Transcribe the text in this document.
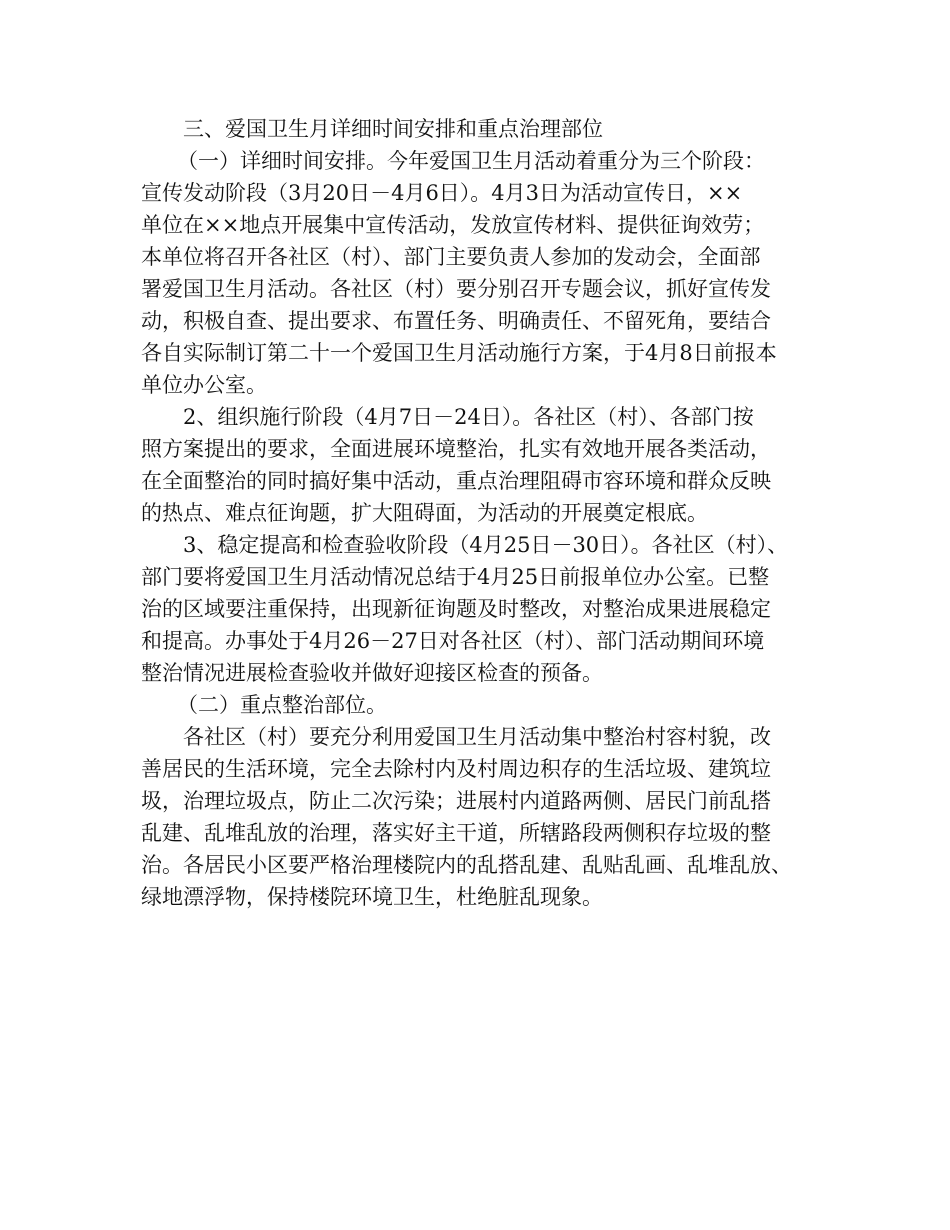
三、爱国卫生月详细时间安排和重点治理部位
（一）详细时间安排。今年爱国卫生月活动着重分为三个阶段：
宣传发动阶段（3月20日－4月6日）。4月3日为活动宣传日，××
单位在××地点开展集中宣传活动，发放宣传材料、提供征询效劳；
本单位将召开各社区（村）、部门主要负责人参加的发动会，全面部
署爱国卫生月活动。各社区（村）要分别召开专题会议，抓好宣传发
动，积极自查、提出要求、布置任务、明确责任、不留死角，要结合
各自实际制订第二十一个爱国卫生月活动施行方案，于4月8日前报本
单位办公室。
2、组织施行阶段（4月7日－24日）。各社区（村）、各部门按
照方案提出的要求，全面进展环境整治，扎实有效地开展各类活动，
在全面整治的同时搞好集中活动，重点治理阻碍市容环境和群众反映
的热点、难点征询题，扩大阻碍面，为活动的开展奠定根底。
3、稳定提高和检查验收阶段（4月25日－30日）。各社区（村）、
部门要将爱国卫生月活动情况总结于4月25日前报单位办公室。已整
治的区域要注重保持，出现新征询题及时整改，对整治成果进展稳定
和提高。办事处于4月26－27日对各社区（村）、部门活动期间环境
整治情况进展检查验收并做好迎接区检查的预备。
（二）重点整治部位。
各社区（村）要充分利用爱国卫生月活动集中整治村容村貌，改
善居民的生活环境，完全去除村内及村周边积存的生活垃圾、建筑垃
圾，治理垃圾点，防止二次污染；进展村内道路两侧、居民门前乱搭
乱建、乱堆乱放的治理，落实好主干道，所辖路段两侧积存垃圾的整
治。各居民小区要严格治理楼院内的乱搭乱建、乱贴乱画、乱堆乱放、
绿地漂浮物，保持楼院环境卫生，杜绝脏乱现象。
